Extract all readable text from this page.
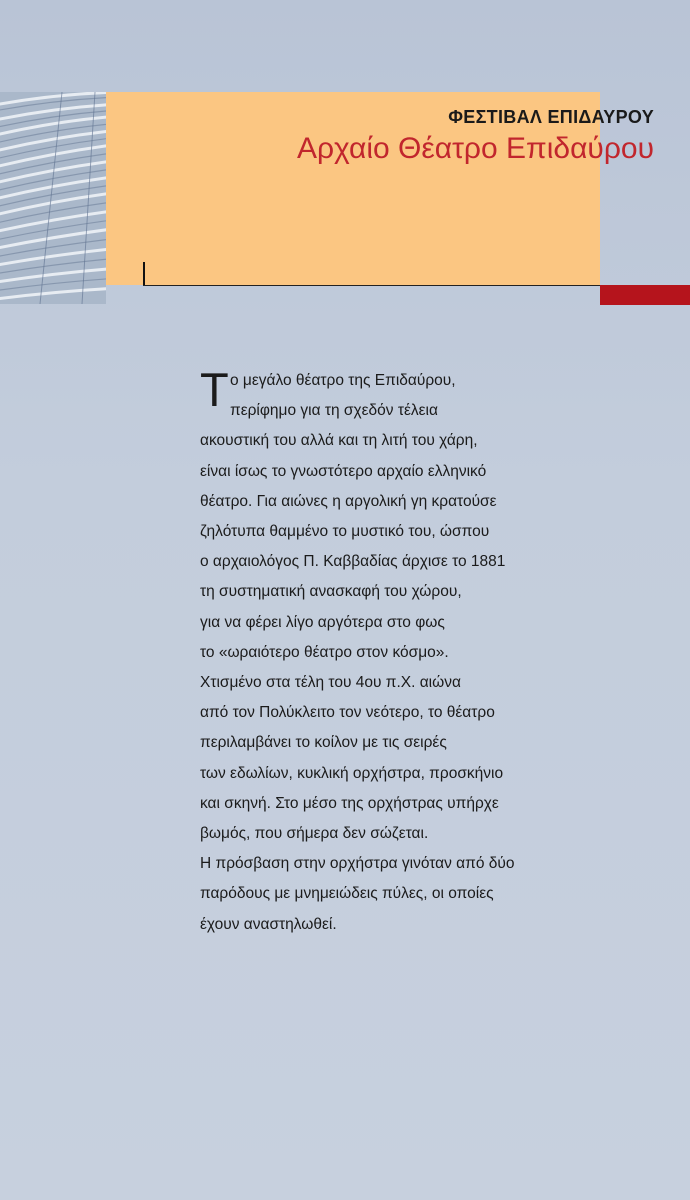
ΦΕΣΤΙΒΑΛ ΕΠΙΔΑΥΡΟΥ
Αρχαίο Θέατρο Επιδαύρου
Τ ο μεγάλο θέατρο της Επιδαύρου,
περίφημο για τη σχεδόν τέλεια
ακουστική του αλλά και τη λιτή του χάρη,
είναι ίσως το γνωστότερο αρχαίο ελληνικό
θέατρο. Για αιώνες η αργολική γη κρατούσε
ζηλότυπα θαμμένο το μυστικό του, ώσπου
ο αρχαιολόγος Π. Καββαδίας άρχισε το 1881
τη συστηματική ανασκαφή του χώρου,
για να φέρει λίγο αργότερα στο φως
το «ωραιότερο θέατρο στον κόσμο».
Χτισμένο στα τέλη του 4ου π.Χ. αιώνα
από τον Πολύκλειτο τον νεότερο, το θέατρο
περιλαμβάνει το κοίλον με τις σειρές
των εδωλίων, κυκλική ορχήστρα, προσκήνιο
και σκηνή. Στο μέσο της ορχήστρας υπήρχε
βωμός, που σήμερα δεν σώζεται.
Η πρόσβαση στην ορχήστρα γινόταν από δύο
παρόδους με μνημειώδεις πύλες, οι οποίες
έχουν αναστηλωθεί.
